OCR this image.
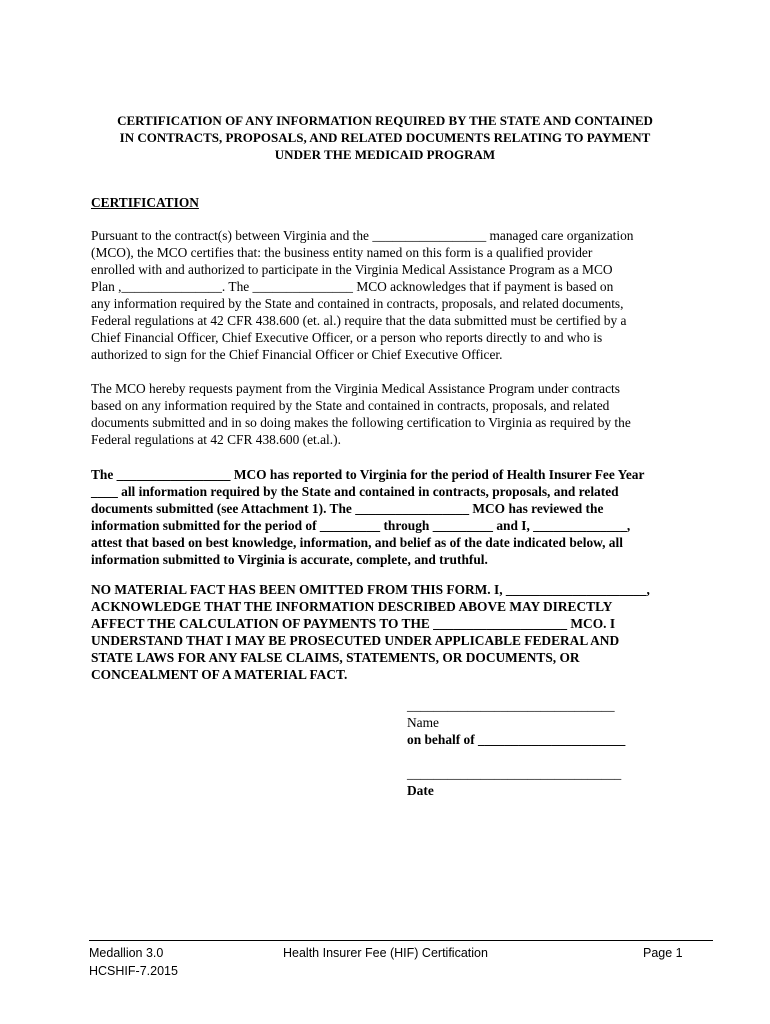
CERTIFICATION OF ANY INFORMATION REQUIRED BY THE STATE AND CONTAINED
IN CONTRACTS, PROPOSALS, AND RELATED DOCUMENTS RELATING TO PAYMENT
UNDER THE MEDICAID PROGRAM
CERTIFICATION
Pursuant to the contract(s) between Virginia and the _________________ managed care organization
(MCO), the MCO certifies that: the business entity named on this form is a qualified provider
enrolled with and authorized to participate in the Virginia Medical Assistance Program as a MCO
Plan ,_______________. The _______________ MCO acknowledges that if payment is based on
any information required by the State and contained in contracts, proposals, and related documents,
Federal regulations at 42 CFR 438.600 (et. al.) require that the data submitted must be certified by a
Chief Financial Officer, Chief Executive Officer, or a person who reports directly to and who is
authorized to sign for the Chief Financial Officer or Chief Executive Officer.
The MCO hereby requests payment from the Virginia Medical Assistance Program under contracts
based on any information required by the State and contained in contracts, proposals, and related
documents submitted and in so doing makes the following certification to Virginia as required by the
Federal regulations at 42 CFR 438.600 (et.al.).
The _________________ MCO has reported to Virginia for the period of Health Insurer Fee Year
____ all information required by the State and contained in contracts, proposals, and related
documents submitted (see Attachment 1). The _________________ MCO has reviewed the
information submitted for the period of _________ through _________ and I, ______________,
attest that based on best knowledge, information, and belief as of the date indicated below, all
information submitted to Virginia is accurate, complete, and truthful.
NO MATERIAL FACT HAS BEEN OMITTED FROM THIS FORM. I, _____________________,
ACKNOWLEDGE THAT THE INFORMATION DESCRIBED ABOVE MAY DIRECTLY
AFFECT THE CALCULATION OF PAYMENTS TO THE ____________________ MCO. I
UNDERSTAND THAT I MAY BE PROSECUTED UNDER APPLICABLE FEDERAL AND
STATE LAWS FOR ANY FALSE CLAIMS, STATEMENTS, OR DOCUMENTS, OR
CONCEALMENT OF A MATERIAL FACT.
_______________________________
Name
on behalf of ______________________
________________________________
Date
Medallion 3.0
HCSHIF-7.2015
Health Insurer Fee (HIF) Certification	Page 1
